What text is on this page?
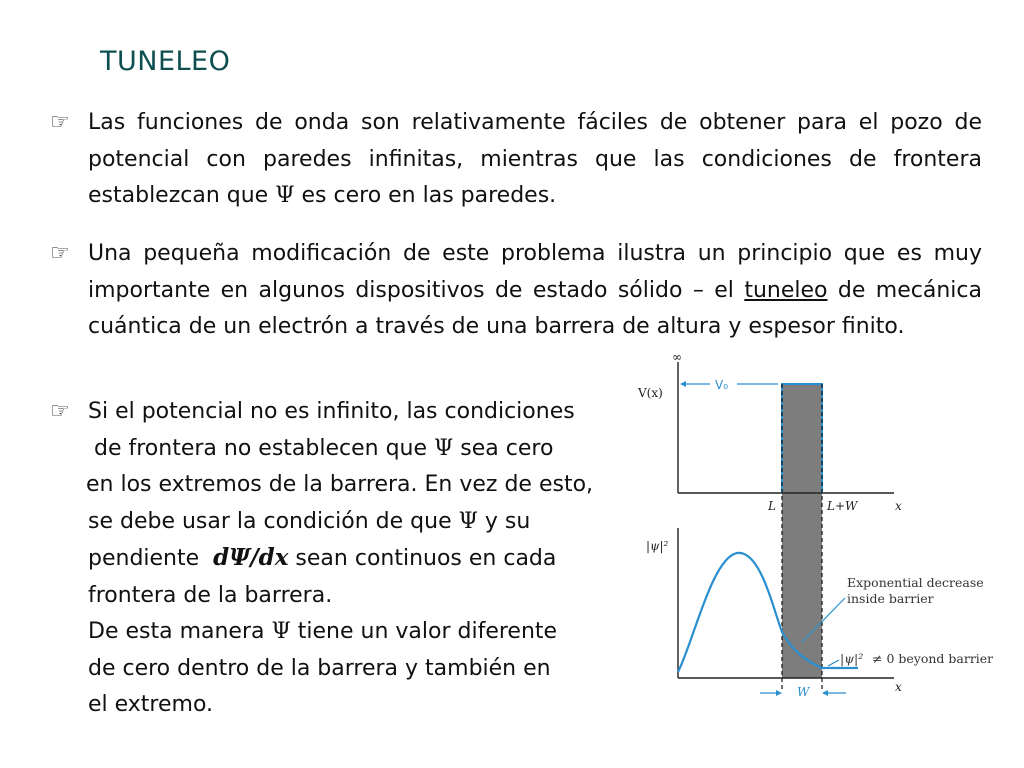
TUNELEO
☞ Las funciones de onda son relativamente fáciles de obtener para el pozo de potencial con paredes infinitas, mientras que las condiciones de frontera establezcan que Ψ es cero en las paredes.
☞ Una pequeña modificación de este problema ilustra un principio que es muy importante en algunos dispositivos de estado sólido – el tuneleo de mecánica cuántica de un electrón a través de una barrera de altura y espesor finito.
☞ Si el potencial no es infinito, las condiciones
de frontera no establecen que Ψ sea cero
en los extremos de la barrera. En vez de esto,
se debe usar la condición de que Ψ y su
pendiente  dΨ/dx sean continuos en cada
frontera de la barrera.
De esta manera Ψ tiene un valor diferente
de cero dentro de la barrera y también en
el extremo.
∞
V(x)
V₀
L	L+W	x
|ψ|²
x
W
Exponential decrease
inside barrier
|ψ|² ≠ 0 beyond barrier
